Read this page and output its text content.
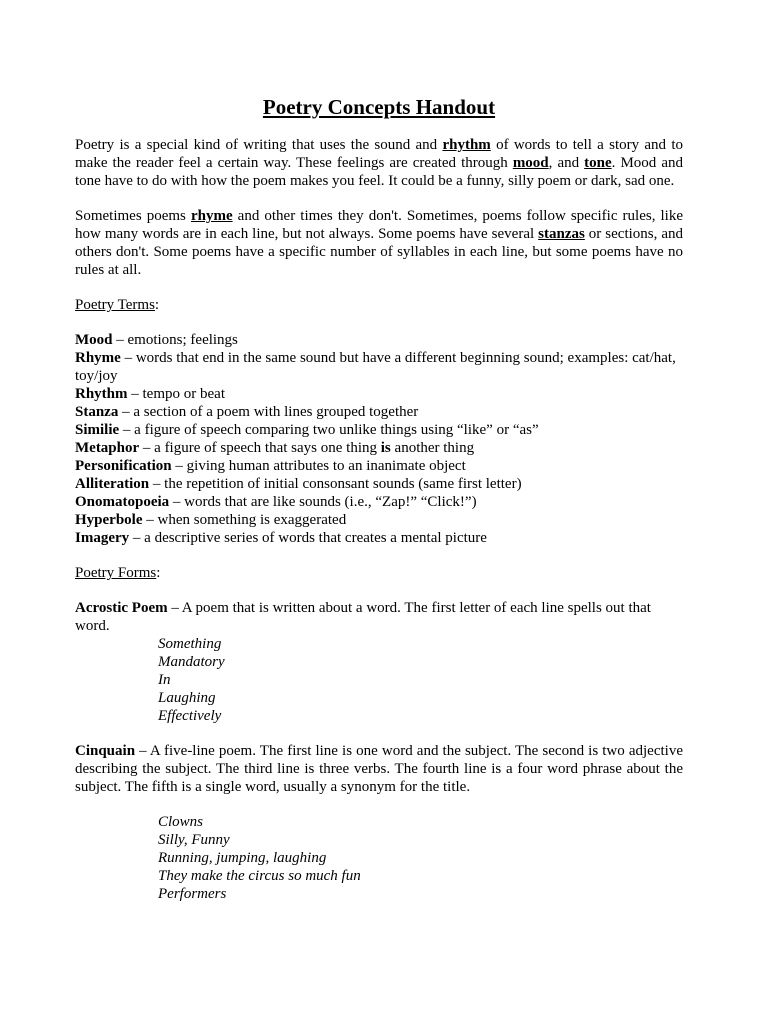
Poetry Concepts Handout

Poetry is a special kind of writing that uses the sound and rhythm of words to tell a story and to make the reader feel a certain way. These feelings are created through mood, and tone. Mood and tone have to do with how the poem makes you feel. It could be a funny, silly poem or dark, sad one.

Sometimes poems rhyme and other times they don't. Sometimes, poems follow specific rules, like how many words are in each line, but not always. Some poems have several stanzas or sections, and others don't. Some poems have a specific number of syllables in each line, but some poems have no rules at all.

Poetry Terms:

Mood – emotions; feelings

Rhyme – words that end in the same sound but have a different beginning sound; examples: cat/hat, toy/joy

Rhythm – tempo or beat

Stanza – a section of a poem with lines grouped together

Similie – a figure of speech comparing two unlike things using “like” or “as”

Metaphor – a figure of speech that says one thing is another thing

Personification – giving human attributes to an inanimate object

Alliteration – the repetition of initial consonsant sounds (same first letter)

Onomatopoeia – words that are like sounds (i.e., “Zap!” “Click!”)

Hyperbole – when something is exaggerated

Imagery – a descriptive series of words that creates a mental picture

Poetry Forms:

Acrostic Poem – A poem that is written about a word. The first letter of each line spells out that word.

Something
Mandatory
In
Laughing
Effectively

Cinquain – A five-line poem. The first line is one word and the subject. The second is two adjective describing the subject. The third line is three verbs. The fourth line is a four word phrase about the subject. The fifth is a single word, usually a synonym for the title.

Clowns
Silly, Funny
Running, jumping, laughing
They make the circus so much fun
Performers
